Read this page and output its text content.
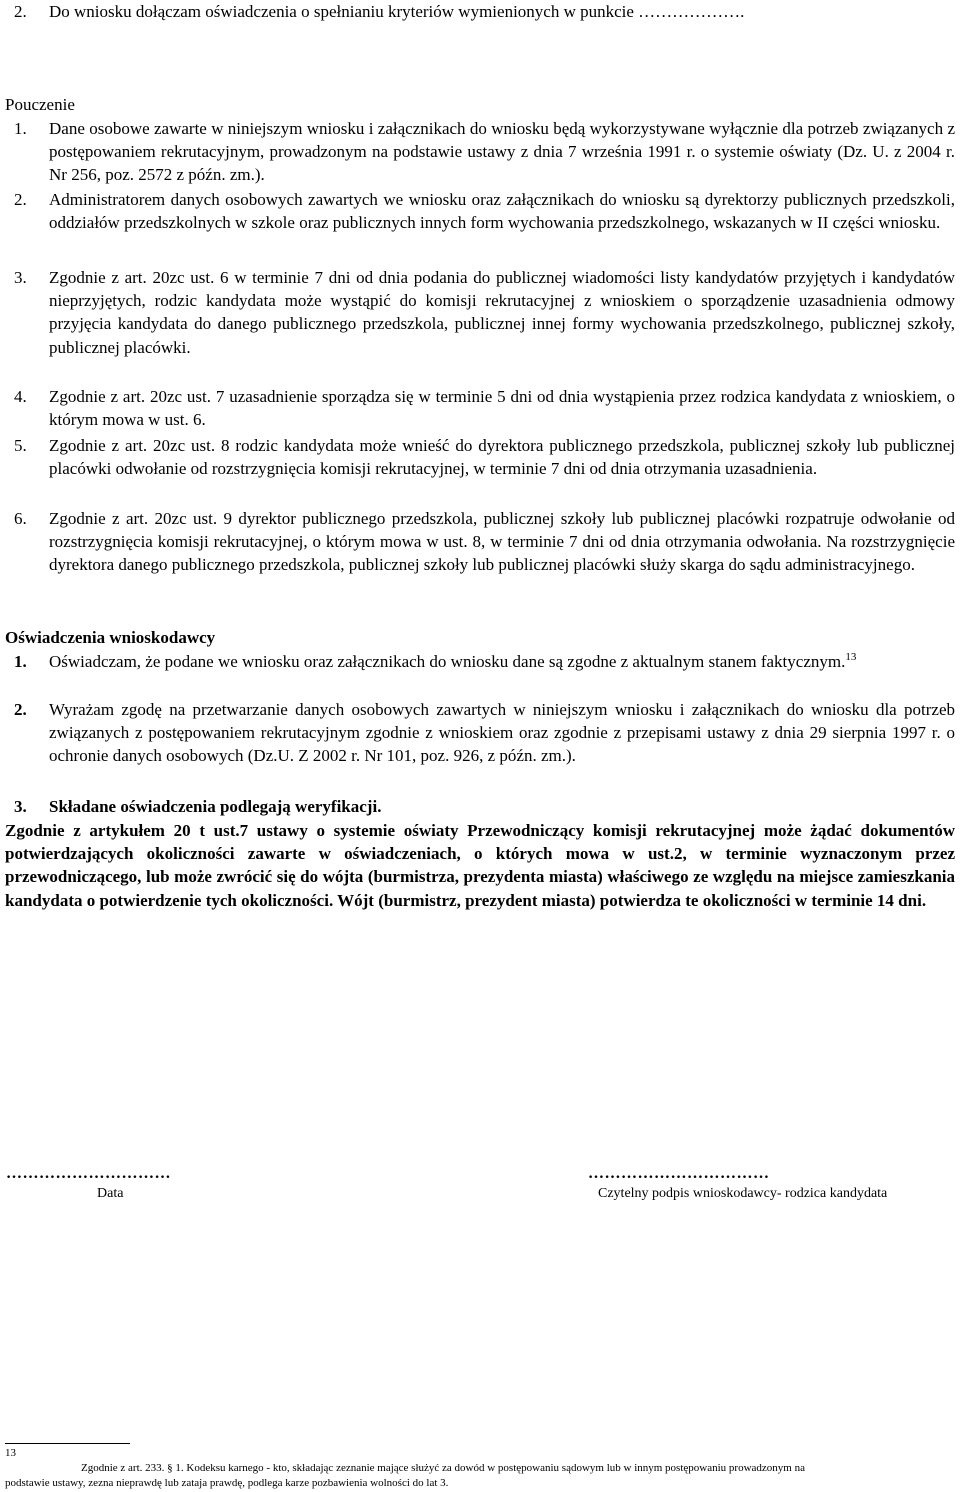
2.	Do wniosku dołączam oświadczenia o spełnianiu kryteriów wymienionych w punkcie ……………….
Pouczenie
1.	Dane osobowe zawarte w niniejszym wniosku i załącznikach do wniosku będą wykorzystywane wyłącznie dla potrzeb związanych z postępowaniem rekrutacyjnym, prowadzonym na podstawie ustawy z dnia 7 września 1991 r. o systemie oświaty (Dz. U. z 2004 r. Nr 256, poz. 2572 z późn. zm.).
2.	Administratorem danych osobowych zawartych we wniosku oraz załącznikach do wniosku są dyrektorzy publicznych przedszkoli, oddziałów przedszkolnych w szkole oraz publicznych innych form wychowania przedszkolnego, wskazanych w II części wniosku.
3.	Zgodnie z art. 20zc ust. 6 w terminie 7 dni od dnia podania do publicznej wiadomości listy kandydatów przyjętych i kandydatów nieprzyjętych, rodzic kandydata może wystąpić do komisji rekrutacyjnej z wnioskiem o sporządzenie uzasadnienia odmowy przyjęcia kandydata do danego publicznego przedszkola, publicznej innej formy wychowania przedszkolnego, publicznej szkoły, publicznej placówki.
4.	Zgodnie z art. 20zc ust. 7 uzasadnienie sporządza się w terminie 5 dni od dnia wystąpienia przez rodzica kandydata z wnioskiem, o którym mowa w ust. 6.
5.	Zgodnie z art. 20zc ust. 8 rodzic kandydata może wnieść do dyrektora publicznego przedszkola, publicznej szkoły lub publicznej placówki odwołanie od rozstrzygnięcia komisji rekrutacyjnej, w terminie 7 dni od dnia otrzymania uzasadnienia.
6.	Zgodnie z art. 20zc ust. 9 dyrektor publicznego przedszkola, publicznej szkoły lub publicznej placówki rozpatruje odwołanie od rozstrzygnięcia komisji rekrutacyjnej, o którym mowa w ust. 8, w terminie 7 dni od dnia otrzymania odwołania. Na rozstrzygnięcie dyrektora danego publicznego przedszkola, publicznej szkoły lub publicznej placówki służy skarga do sądu administracyjnego.
Oświadczenia wnioskodawcy
1.	Oświadczam, że podane we wniosku oraz załącznikach do wniosku dane są zgodne z aktualnym stanem faktycznym.$^{13}$
2.	Wyrażam zgodę na przetwarzanie danych osobowych zawartych w niniejszym wniosku i załącznikach do wniosku dla potrzeb związanych z postępowaniem rekrutacyjnym zgodnie z wnioskiem oraz zgodnie z przepisami ustawy z dnia 29 sierpnia 1997 r. o ochronie danych osobowych (Dz.U. Z 2002 r. Nr 101, poz. 926, z późn. zm.).
3.	Składane oświadczenia podlegają weryfikacji.
Zgodnie z artykułem 20 t ust.7 ustawy o systemie oświaty Przewodniczący komisji rekrutacyjnej może żądać dokumentów potwierdzających okoliczności zawarte w oświadczeniach, o których mowa w ust.2, w terminie wyznaczonym przez przewodniczącego, lub może zwrócić się do wójta (burmistrza, prezydenta miasta) właściwego ze względu na miejsce zamieszkania kandydata o potwierdzenie tych okoliczności. Wójt (burmistrz, prezydent miasta) potwierdza te okoliczności w terminie 14 dni.
…………………………
Data
……………………………
Czytelny podpis wnioskodawcy- rodzica kandydata
13
Zgodnie z art. 233. § 1. Kodeksu karnego - kto, składając zeznanie mające służyć za dowód w postępowaniu sądowym lub w innym postępowaniu prowadzonym na
podstawie ustawy, zezna nieprawdę lub zataja prawdę, podlega karze pozbawienia wolności do lat 3.
